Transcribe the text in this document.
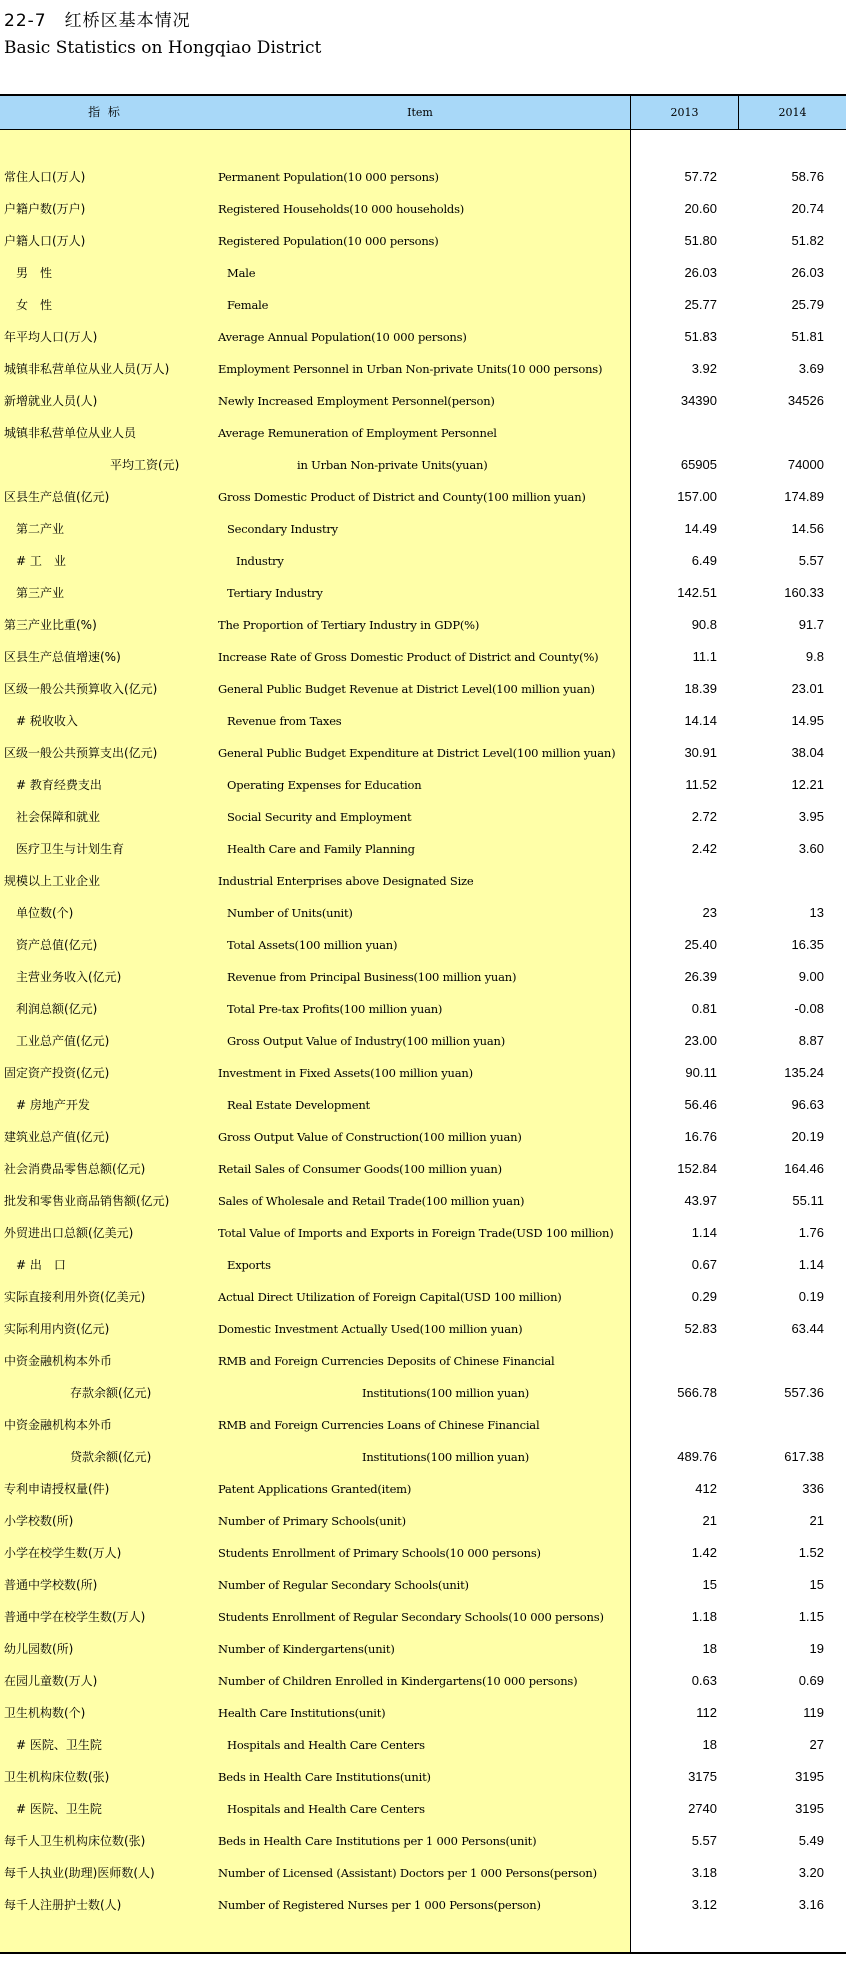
22-7　红桥区基本情况
Basic Statistics on Hongqiao District
指 标	Item	2013	2014
常住人口(万人)	Permanent Population(10 000 persons)	57.72	58.76
户籍户数(万户)	Registered Households(10 000 households)	20.60	20.74
户籍人口(万人)	Registered Population(10 000 persons)	51.80	51.82
男　性	Male	26.03	26.03
女　性	Female	25.77	25.79
年平均人口(万人)	Average Annual Population(10 000 persons)	51.83	51.81
城镇非私营单位从业人员(万人)	Employment Personnel in Urban Non-private Units(10 000 persons)	3.92	3.69
新增就业人员(人)	Newly Increased Employment Personnel(person)	34390	34526
城镇非私营单位从业人员	Average Remuneration of Employment Personnel
平均工资(元)	in Urban Non-private Units(yuan)	65905	74000
区县生产总值(亿元)	Gross Domestic Product of District and County(100 million yuan)	157.00	174.89
第二产业	Secondary Industry	14.49	14.56
# 工　业	Industry	6.49	5.57
第三产业	Tertiary Industry	142.51	160.33
第三产业比重(%)	The Proportion of Tertiary Industry in GDP(%)	90.8	91.7
区县生产总值增速(%)	Increase Rate of Gross Domestic Product of District and County(%)	11.1	9.8
区级一般公共预算收入(亿元)	General Public Budget Revenue at District Level(100 million yuan)	18.39	23.01
# 税收收入	Revenue from Taxes	14.14	14.95
区级一般公共预算支出(亿元)	General Public Budget Expenditure at District Level(100 million yuan)	30.91	38.04
# 教育经费支出	Operating Expenses for Education	11.52	12.21
社会保障和就业	Social Security and Employment	2.72	3.95
医疗卫生与计划生育	Health Care and Family Planning	2.42	3.60
规模以上工业企业	Industrial Enterprises above Designated Size
单位数(个)	Number of Units(unit)	23	13
资产总值(亿元)	Total Assets(100 million yuan)	25.40	16.35
主营业务收入(亿元)	Revenue from Principal Business(100 million yuan)	26.39	9.00
利润总额(亿元)	Total Pre-tax Profits(100 million yuan)	0.81	-0.08
工业总产值(亿元)	Gross Output Value of Industry(100 million yuan)	23.00	8.87
固定资产投资(亿元)	Investment in Fixed Assets(100 million yuan)	90.11	135.24
# 房地产开发	Real Estate Development	56.46	96.63
建筑业总产值(亿元)	Gross Output Value of Construction(100 million yuan)	16.76	20.19
社会消费品零售总额(亿元)	Retail Sales of Consumer Goods(100 million yuan)	152.84	164.46
批发和零售业商品销售额(亿元)	Sales of Wholesale and Retail Trade(100 million yuan)	43.97	55.11
外贸进出口总额(亿美元)	Total Value of Imports and Exports in Foreign Trade(USD 100 million)	1.14	1.76
# 出　口	Exports	0.67	1.14
实际直接利用外资(亿美元)	Actual Direct Utilization of Foreign Capital(USD 100 million)	0.29	0.19
实际利用内资(亿元)	Domestic Investment Actually Used(100 million yuan)	52.83	63.44
中资金融机构本外币	RMB and Foreign Currencies Deposits of Chinese Financial
存款余额(亿元)	Institutions(100 million yuan)	566.78	557.36
中资金融机构本外币	RMB and Foreign Currencies Loans of Chinese Financial
贷款余额(亿元)	Institutions(100 million yuan)	489.76	617.38
专利申请授权量(件)	Patent Applications Granted(item)	412	336
小学校数(所)	Number of Primary Schools(unit)	21	21
小学在校学生数(万人)	Students Enrollment of Primary Schools(10 000 persons)	1.42	1.52
普通中学校数(所)	Number of Regular Secondary Schools(unit)	15	15
普通中学在校学生数(万人)	Students Enrollment of Regular Secondary Schools(10 000 persons)	1.18	1.15
幼儿园数(所)	Number of Kindergartens(unit)	18	19
在园儿童数(万人)	Number of Children Enrolled in Kindergartens(10 000 persons)	0.63	0.69
卫生机构数(个)	Health Care Institutions(unit)	112	119
# 医院、卫生院	Hospitals and Health Care Centers	18	27
卫生机构床位数(张)	Beds in Health Care Institutions(unit)	3175	3195
# 医院、卫生院	Hospitals and Health Care Centers	2740	3195
每千人卫生机构床位数(张)	Beds in Health Care Institutions per 1 000 Persons(unit)	5.57	5.49
每千人执业(助理)医师数(人)	Number of Licensed (Assistant) Doctors per 1 000 Persons(person)	3.18	3.20
每千人注册护士数(人)	Number of Registered Nurses per 1 000 Persons(person)	3.12	3.16
